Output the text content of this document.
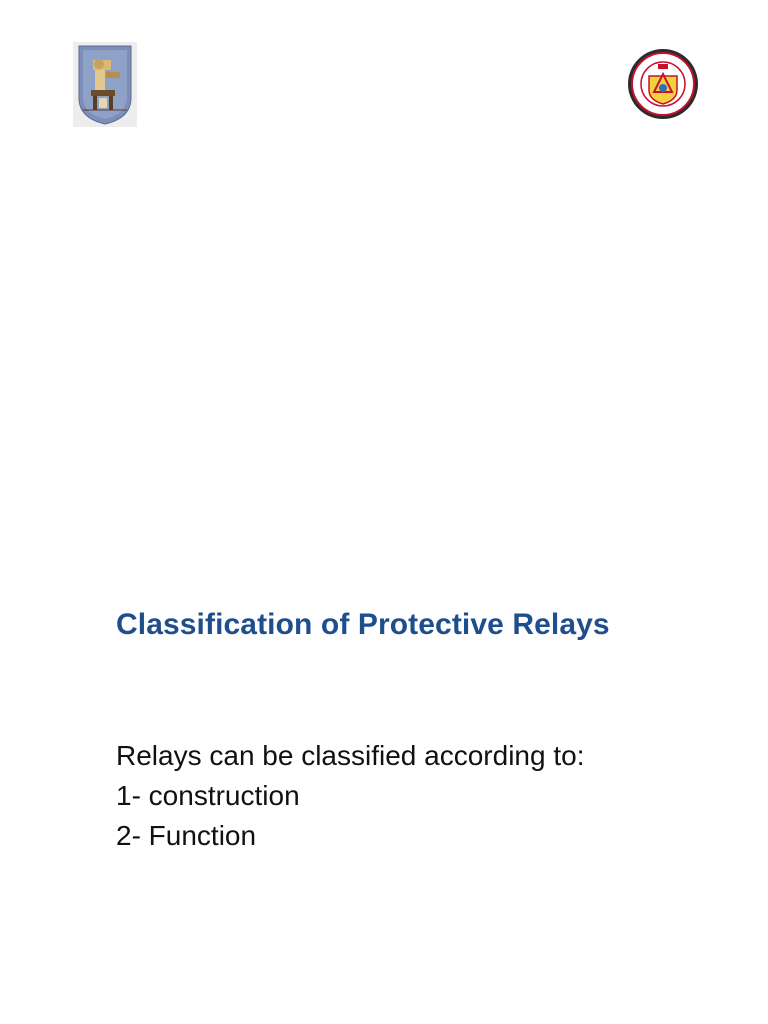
Classification of Protective Relays

Relays can be classified according to:

1- construction

2- Function
